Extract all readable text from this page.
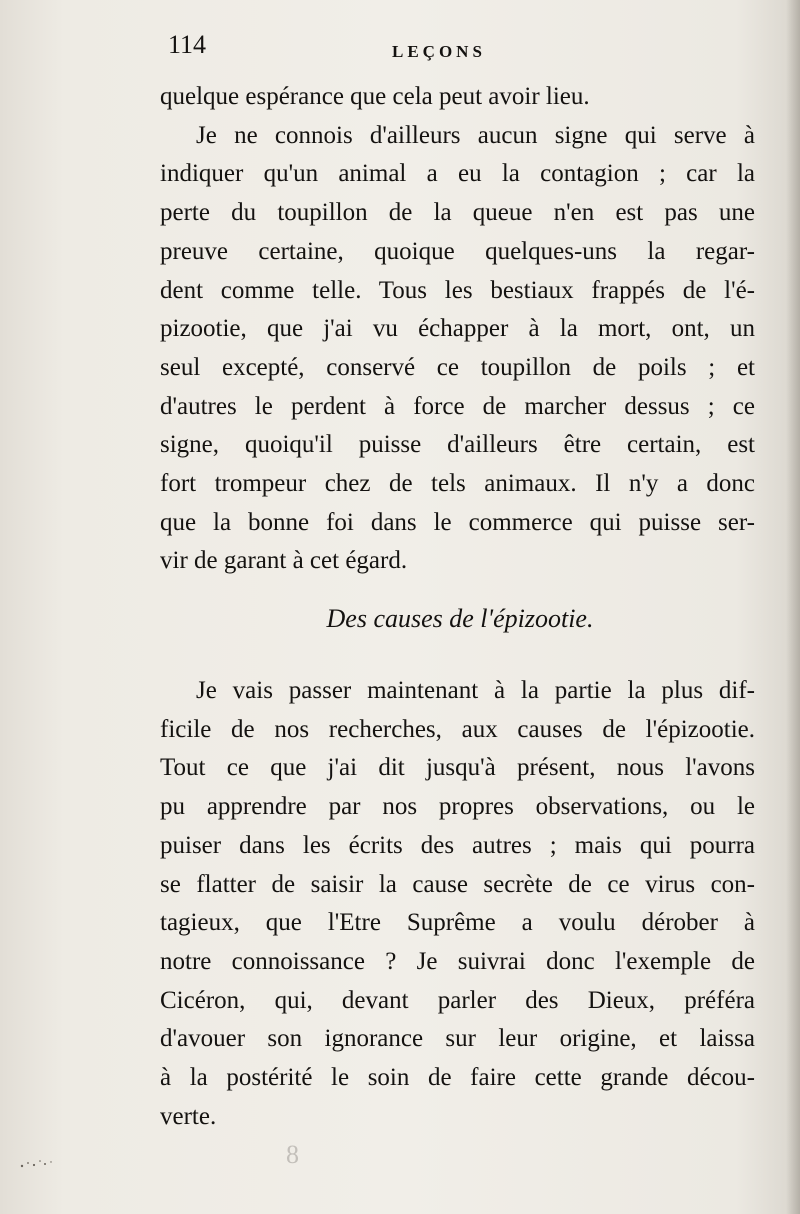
114	LEÇONS
quelque espérance que cela peut avoir lieu.
Je ne connois d'ailleurs aucun signe qui serve à
indiquer qu'un animal a eu la contagion ; car la
perte du toupillon de la queue n'en est pas une
preuve certaine, quoique quelques-uns la regar-
dent comme telle. Tous les bestiaux frappés de l'é-
pizootie, que j'ai vu échapper à la mort, ont, un
seul excepté, conservé ce toupillon de poils ; et
d'autres le perdent à force de marcher dessus ; ce
signe, quoiqu'il puisse d'ailleurs être certain, est
fort trompeur chez de tels animaux. Il n'y a donc
que la bonne foi dans le commerce qui puisse ser-
vir de garant à cet égard.
Des causes de l'épizootie.
Je vais passer maintenant à la partie la plus dif-
ficile de nos recherches, aux causes de l'épizootie.
Tout ce que j'ai dit jusqu'à présent, nous l'avons
pu apprendre par nos propres observations, ou le
puiser dans les écrits des autres ; mais qui pourra
se flatter de saisir la cause secrète de ce virus con-
tagieux, que l'Etre Suprême a voulu dérober à
notre connoissance ? Je suivrai donc l'exemple de
Cicéron, qui, devant parler des Dieux, préféra
d'avouer son ignorance sur leur origine, et laissa
à la postérité le soin de faire cette grande décou-
verte.
8
